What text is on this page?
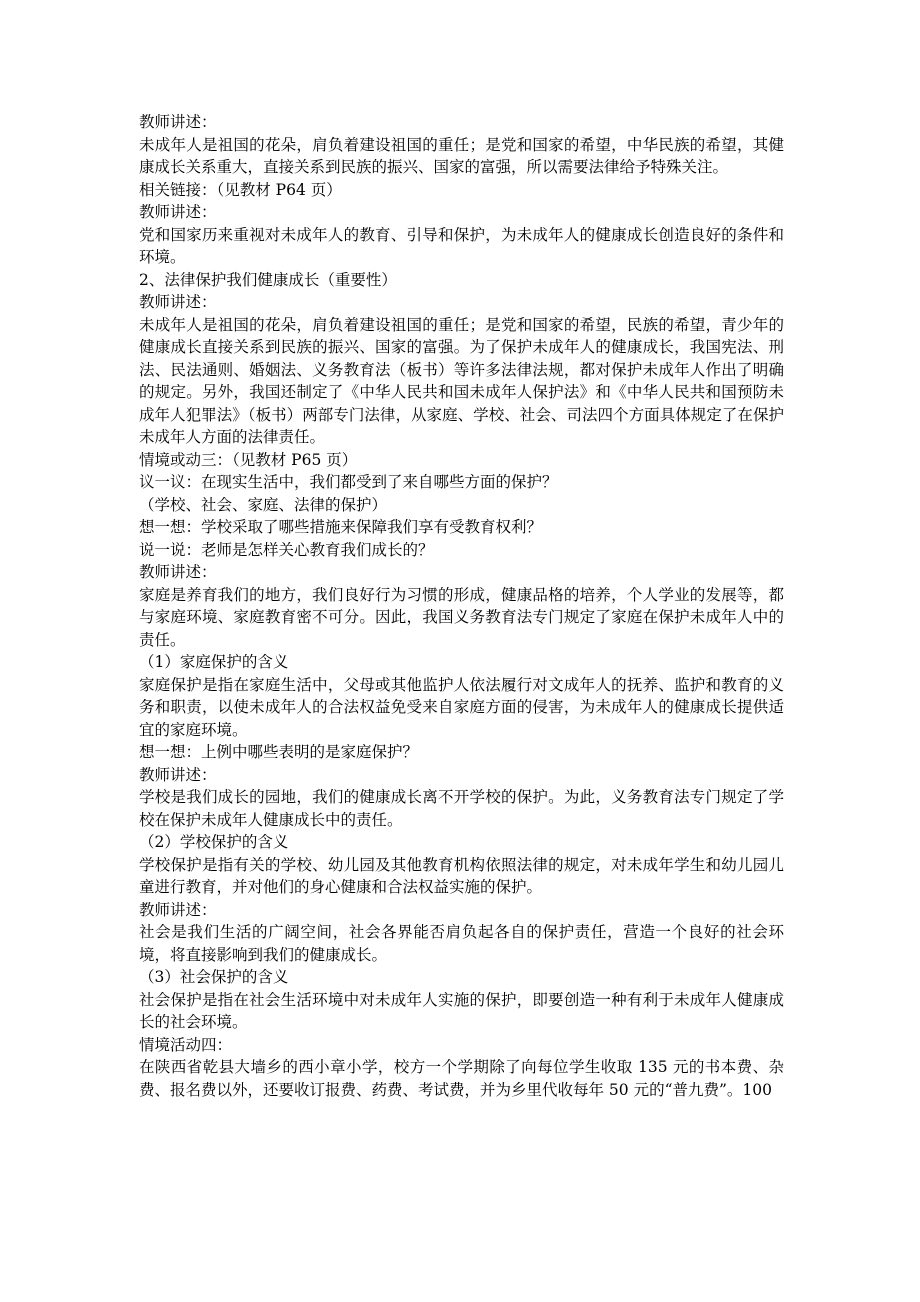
教师讲述：

未成年人是祖国的花朵，肩负着建设祖国的重任；是党和国家的希望，中华民族的希望，其健康成长关系重大，直接关系到民族的振兴、国家的富强，所以需要法律给予特殊关注。

相关链接：（见教材 P64 页）

教师讲述：

党和国家历来重视对未成年人的教育、引导和保护，为未成年人的健康成长创造良好的条件和环境。

2、法律保护我们健康成长（重要性）

教师讲述：

未成年人是祖国的花朵，肩负着建设祖国的重任；是党和国家的希望，民族的希望，青少年的健康成长直接关系到民族的振兴、国家的富强。为了保护未成年人的健康成长，我国宪法、刑法、民法通则、婚姻法、义务教育法（板书）等许多法律法规，都对保护未成年人作出了明确的规定。另外，我国还制定了《中华人民共和国未成年人保护法》和《中华人民共和国预防未成年人犯罪法》（板书）两部专门法律，从家庭、学校、社会、司法四个方面具体规定了在保护未成年人方面的法律责任。

情境或动三：（见教材 P65 页）

议一议：在现实生活中，我们都受到了来自哪些方面的保护？

（学校、社会、家庭、法律的保护）

想一想：学校采取了哪些措施来保障我们享有受教育权利？

说一说：老师是怎样关心教育我们成长的？

教师讲述：

家庭是养育我们的地方，我们良好行为习惯的形成，健康品格的培养，个人学业的发展等，都与家庭环境、家庭教育密不可分。因此，我国义务教育法专门规定了家庭在保护未成年人中的责任。

（1）家庭保护的含义

家庭保护是指在家庭生活中，父母或其他监护人依法履行对文成年人的抚养、监护和教育的义务和职责，以使未成年人的合法权益免受来自家庭方面的侵害，为未成年人的健康成长提供适宜的家庭环境。

想一想：上例中哪些表明的是家庭保护？

教师讲述：

学校是我们成长的园地，我们的健康成长离不开学校的保护。为此，义务教育法专门规定了学校在保护未成年人健康成长中的责任。

（2）学校保护的含义

学校保护是指有关的学校、幼儿园及其他教育机构依照法律的规定，对未成年学生和幼儿园儿童进行教育，并对他们的身心健康和合法权益实施的保护。

教师讲述：

社会是我们生活的广阔空间，社会各界能否肩负起各自的保护责任，营造一个良好的社会环境，将直接影响到我们的健康成长。

（3）社会保护的含义

社会保护是指在社会生活环境中对未成年人实施的保护，即要创造一种有利于未成年人健康成长的社会环境。

情境活动四：

在陕西省乾县大墙乡的西小章小学，校方一个学期除了向每位学生收取 135 元的书本费、杂费、报名费以外，还要收订报费、药费、考试费，并为乡里代收每年 50 元的“普九费”。100
